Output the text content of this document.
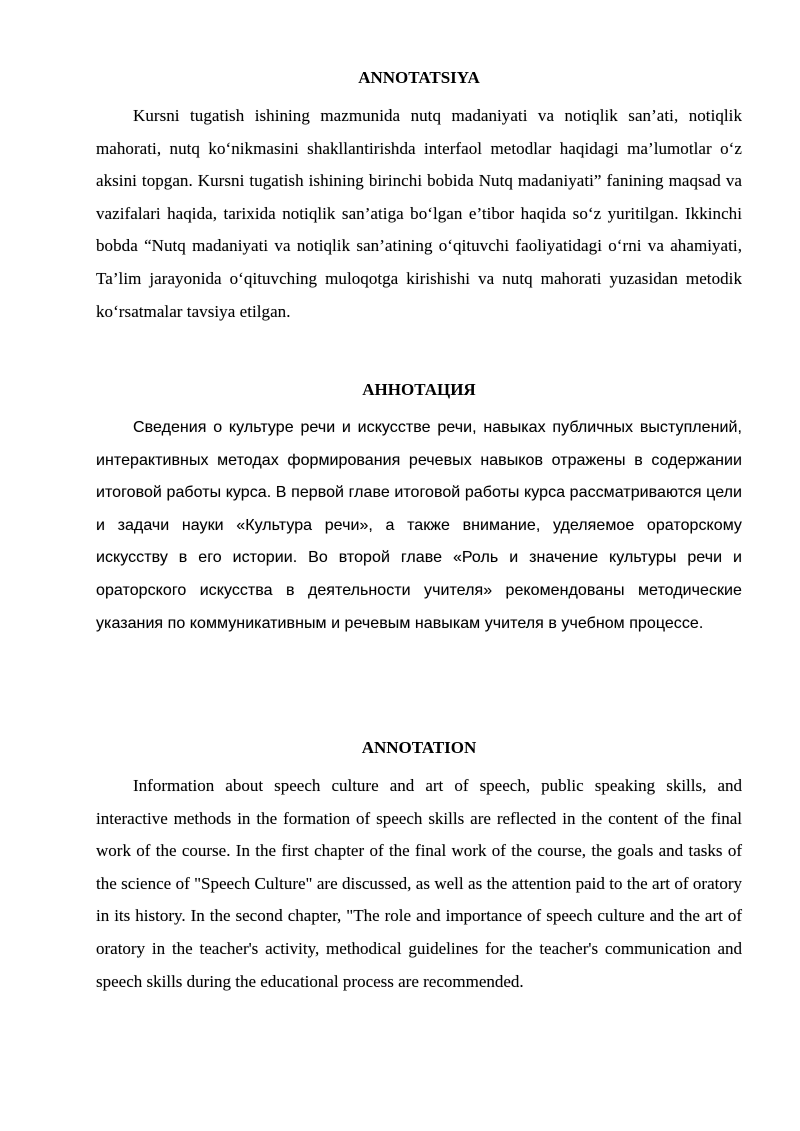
ANNOTATSIYA

Kursni tugatish ishining mazmunida nutq madaniyati va notiqlik san’ati, notiqlik mahorati, nutq ko‘nikmasini shakllantirishda interfaol metodlar haqidagi ma’lumotlar o‘z aksini topgan. Kursni tugatish ishining birinchi bobida Nutq madaniyati” fanining maqsad va vazifalari haqida, tarixida notiqlik san’atiga bo‘lgan e’tibor haqida so‘z yuritilgan. Ikkinchi bobda “Nutq madaniyati va notiqlik san’atining o‘qituvchi faoliyatidagi o‘rni va ahamiyati, Ta’lim jarayonida o‘qituvching muloqotga kirishishi va nutq mahorati yuzasidan metodik ko‘rsatmalar tavsiya etilgan.

АННОТАЦИЯ

Сведения о культуре речи и искусстве речи, навыках публичных выступлений, интерактивных методах формирования речевых навыков отражены в содержании итоговой работы курса. В первой главе итоговой работы курса рассматриваются цели и задачи науки «Культура речи», а также внимание, уделяемое ораторскому искусству в его истории. Во второй главе «Роль и значение культуры речи и ораторского искусства в деятельности учителя» рекомендованы методические указания по коммуникативным и речевым навыкам учителя в учебном процессе.

ANNOTATION

Information about speech culture and art of speech, public speaking skills, and interactive methods in the formation of speech skills are reflected in the content of the final work of the course. In the first chapter of the final work of the course, the goals and tasks of the science of "Speech Culture" are discussed, as well as the attention paid to the art of oratory in its history. In the second chapter, "The role and importance of speech culture and the art of oratory in the teacher's activity, methodical guidelines for the teacher's communication and speech skills during the educational process are recommended.
